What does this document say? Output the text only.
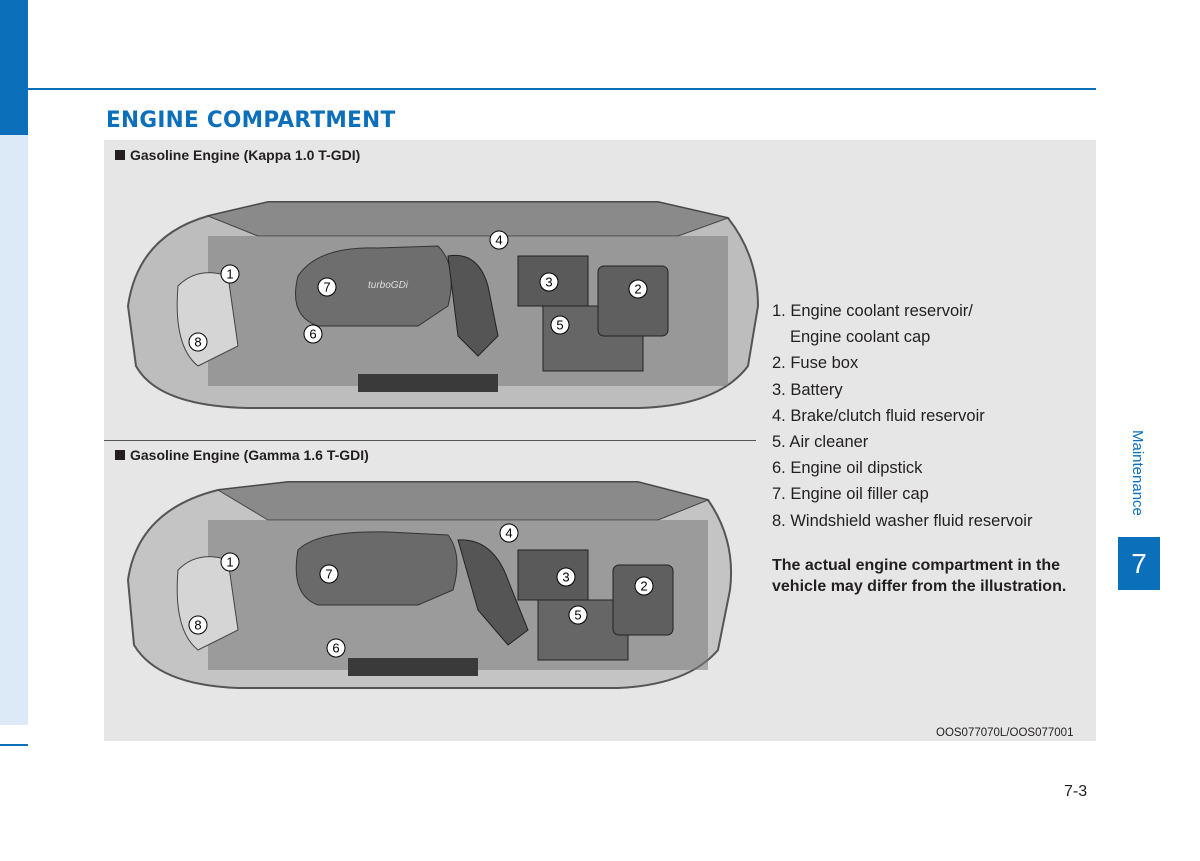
ENGINE COMPARTMENT
Gasoline Engine (Kappa 1.0 T-GDI)
Gasoline Engine (Gamma 1.6 T-GDI)
turboGDi
1
2
3
4
5
6
7
8
1
2
3
4
5
6
7
8
1. Engine coolant reservoir/
Engine coolant cap
2. Fuse box
3. Battery
4. Brake/clutch fluid reservoir
5. Air cleaner
6. Engine oil dipstick
7. Engine oil filler cap
8. Windshield washer fluid reservoir
The actual engine compartment in the vehicle may differ from the illustration.
OOS077070L/OOS077001
Maintenance
7
7-3
